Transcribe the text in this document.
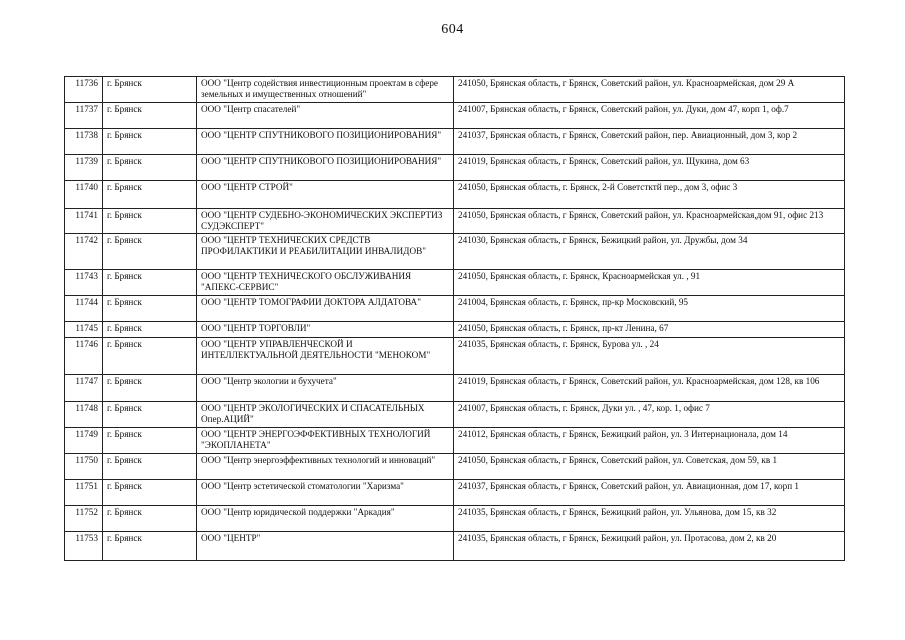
604
11736	г. Брянск	ООО "Центр содействия инвестиционным проектам в сфере земельных и имущественных отношений"	241050, Брянская область, г Брянск, Советский район, ул. Красноармейская, дом 29 А
11737	г. Брянск	ООО "Центр спасателей"	241007, Брянская область, г Брянск, Советский район, ул. Дуки, дом 47, корп 1, оф.7
11738	г. Брянск	ООО "ЦЕНТР СПУТНИКОВОГО ПОЗИЦИОНИРОВАНИЯ"	241037, Брянская область, г Брянск, Советский район, пер. Авиационный, дом 3, кор 2
11739	г. Брянск	ООО "ЦЕНТР СПУТНИКОВОГО ПОЗИЦИОНИРОВАНИЯ"	241019, Брянская область, г Брянск, Советский район, ул. Щукина, дом 63
11740	г. Брянск	ООО "ЦЕНТР СТРОЙ"	241050, Брянская область, г. Брянск, 2-й Советстктй пер., дом 3, офис 3
11741	г. Брянск	ООО "ЦЕНТР СУДЕБНО-ЭКОНОМИЧЕСКИХ ЭКСПЕРТИЗ СУДЭКСПЕРТ"	241050, Брянская область, г Брянск, Советский район, ул. Красноармейская,дом 91, офис 213
11742	г. Брянск	ООО "ЦЕНТР ТЕХНИЧЕСКИХ СРЕДСТВ ПРОФИЛАКТИКИ И РЕАБИЛИТАЦИИ ИНВАЛИДОВ"	241030, Брянская область, г Брянск, Бежицкий район, ул. Дружбы, дом 34
11743	г. Брянск	ООО "ЦЕНТР ТЕХНИЧЕСКОГО ОБСЛУЖИВАНИЯ "АПЕКС-СЕРВИС"	241050, Брянская область, г. Брянск, Красноармейская ул. , 91
11744	г. Брянск	ООО "ЦЕНТР ТОМОГРАФИИ ДОКТОРА АЛДАТОВА"	241004, Брянская область, г. Брянск, пр-кр Московский, 95
11745	г. Брянск	ООО "ЦЕНТР ТОРГОВЛИ"	241050, Брянская область, г. Брянск, пр-кт Ленина, 67
11746	г. Брянск	ООО "ЦЕНТР УПРАВЛЕНЧЕСКОЙ И ИНТЕЛЛЕКТУАЛЬНОЙ ДЕЯТЕЛЬНОСТИ "МЕНОКОМ"	241035, Брянская область, г. Брянск, Бурова ул. , 24
11747	г. Брянск	ООО "Центр экологии и бухучета"	241019, Брянская область, г Брянск, Советский район, ул. Красноармейская, дом 128, кв 106
11748	г. Брянск	ООО "ЦЕНТР ЭКОЛОГИЧЕСКИХ И СПАСАТЕЛЬНЫХ Опер.АЦИЙ"	241007, Брянская область, г. Брянск, Дуки ул. , 47, кор. 1, офис 7
11749	г. Брянск	ООО "ЦЕНТР ЭНЕРГОЭФФЕКТИВНЫХ ТЕХНОЛОГИЙ "ЭКОПЛАНЕТА"	241012, Брянская область, г Брянск, Бежицкий район, ул. 3 Интернационала, дом 14
11750	г. Брянск	ООО "Центр энергоэффективных технологий и инноваций"	241050, Брянская область, г Брянск, Советский район, ул. Советская, дом 59, кв 1
11751	г. Брянск	ООО "Центр эстетической стоматологии "Харизма"	241037, Брянская область, г Брянск, Советский район, ул. Авиационная, дом 17, корп 1
11752	г. Брянск	ООО "Центр юридической поддержки "Аркадия"	241035, Брянская область, г Брянск, Бежицкий район, ул. Ульянова, дом 15, кв 32
11753	г. Брянск	ООО "ЦЕНТР"	241035, Брянская область, г Брянск, Бежицкий район, ул. Протасова, дом 2, кв 20
